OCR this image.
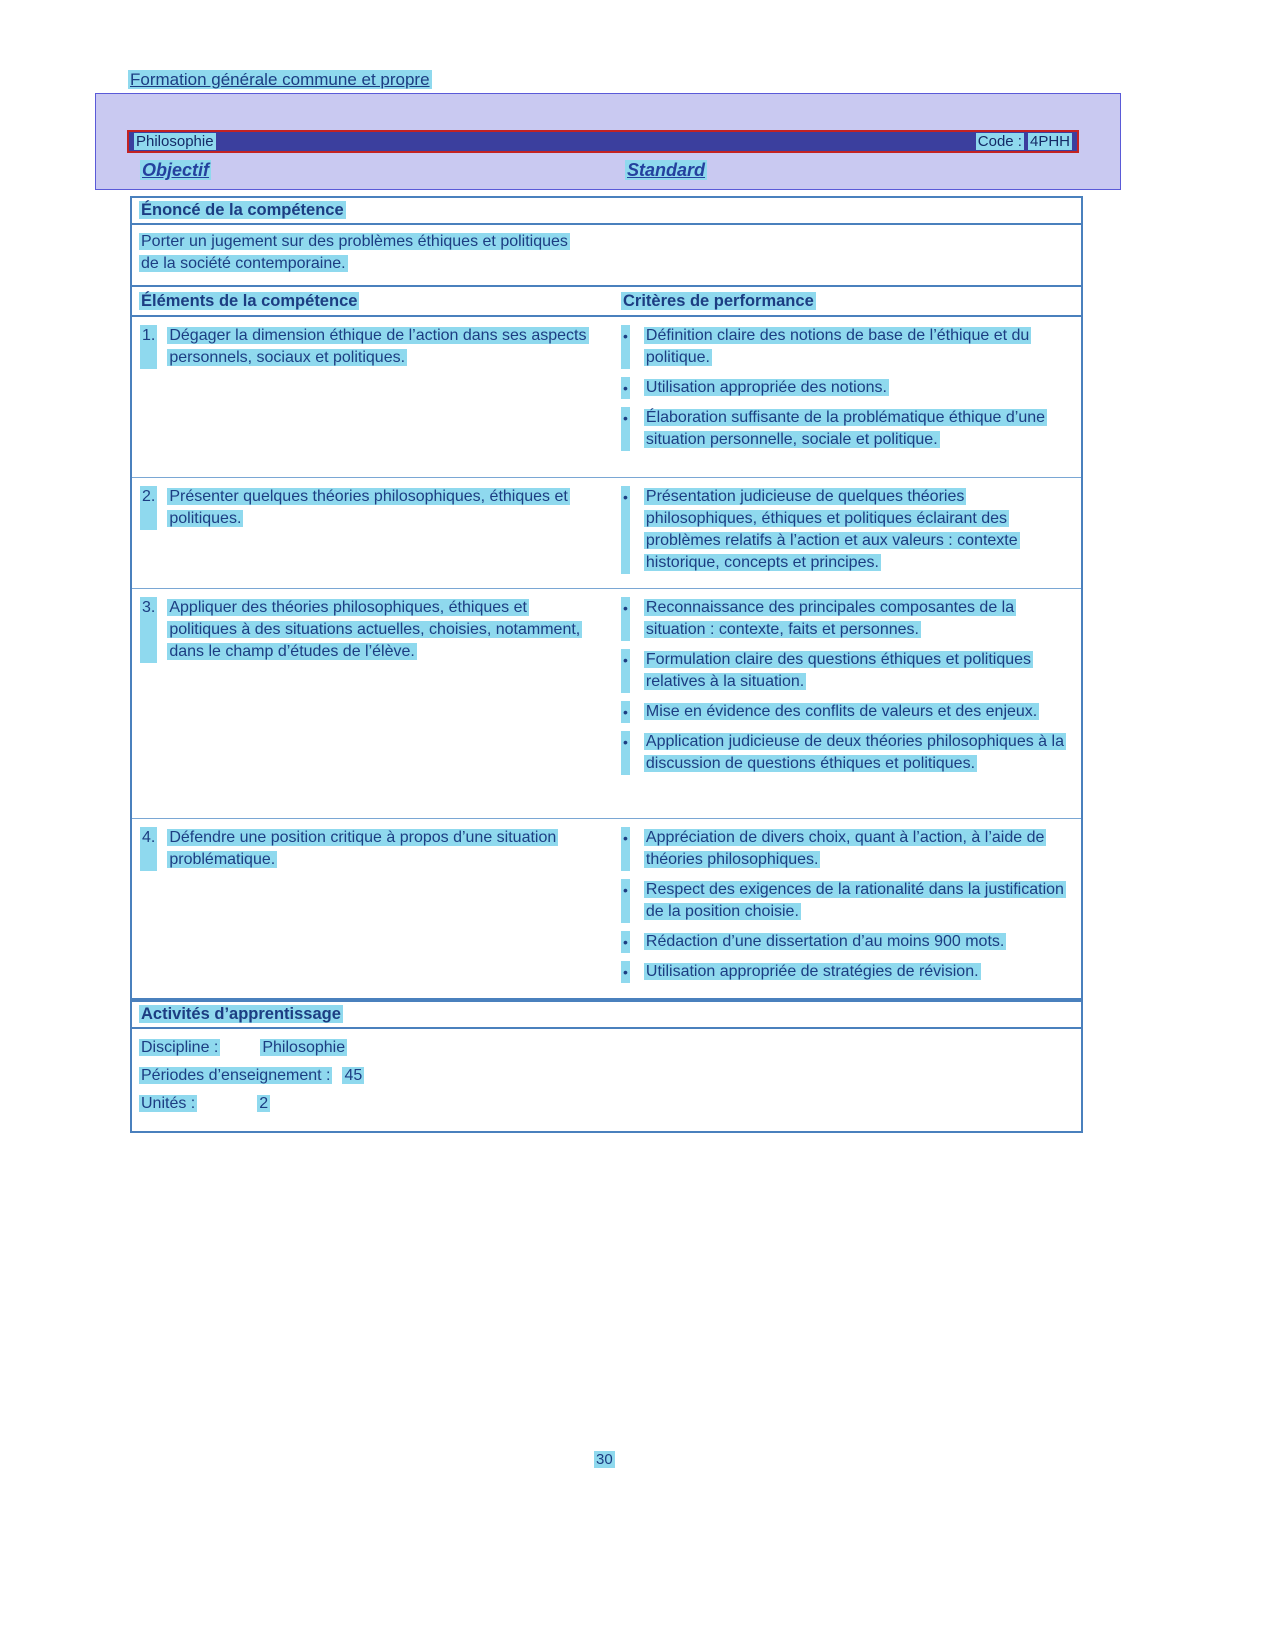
Formation générale commune et propre
Philosophie	Code : 4PHH
Objectif	Standard
Énoncé de la compétence
Porter un jugement sur des problèmes éthiques et politiques de la société contemporaine.
Éléments de la compétence	Critères de performance
1. Dégager la dimension éthique de l’action dans ses aspects personnels, sociaux et politiques.
• Définition claire des notions de base de l’éthique et du politique.
• Utilisation appropriée des notions.
• Élaboration suffisante de la problématique éthique d’une situation personnelle, sociale et politique.
2. Présenter quelques théories philosophiques, éthiques et politiques.
• Présentation judicieuse de quelques théories philosophiques, éthiques et politiques éclairant des problèmes relatifs à l’action et aux valeurs : contexte historique, concepts et principes.
3. Appliquer des théories philosophiques, éthiques et politiques à des situations actuelles, choisies, notamment, dans le champ d’études de l’élève.
• Reconnaissance des principales composantes de la situation : contexte, faits et personnes.
• Formulation claire des questions éthiques et politiques relatives à la situation.
• Mise en évidence des conflits de valeurs et des enjeux.
• Application judicieuse de deux théories philosophiques à la discussion de questions éthiques et politiques.
4. Défendre une position critique à propos d’une situation problématique.
• Appréciation de divers choix, quant à l’action, à l’aide de théories philosophiques.
• Respect des exigences de la rationalité dans la justification de la position choisie.
• Rédaction d’une dissertation d’au moins 900 mots.
• Utilisation appropriée de stratégies de révision.
Activités d’apprentissage
Discipline :	Philosophie
Périodes d’enseignement : 45
Unités :	2
30
